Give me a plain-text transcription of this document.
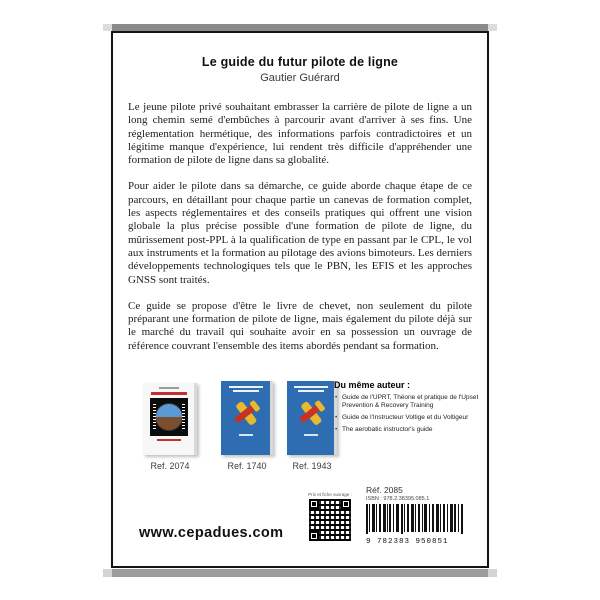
Le guide du futur pilote de ligne
Gautier Guérard

Le jeune pilote privé souhaitant embrasser la carrière de pilote de ligne a un long chemin semé d'embûches à parcourir avant d'arriver à ses fins. Une réglementation hermétique, des informations parfois contradictoires et un légitime manque d'expérience, lui rendent très difficile d'appréhender une formation de pilote de ligne dans sa globalité.

Pour aider le pilote dans sa démarche, ce guide aborde chaque étape de ce parcours, en détaillant pour chaque partie un canevas de formation complet, les aspects réglementaires et des conseils pratiques qui offrent une vision globale la plus précise possible d'une formation de pilote de ligne, du mûrissement post-PPL à la qualification de type en passant par le CPL, le vol aux instruments et la formation au pilotage des avions bimoteurs. Les derniers développements technologiques tels que le PBN, les EFIS et les approches GNSS sont traités.

Ce guide se propose d'être le livre de chevet, non seulement du pilote préparant une formation de pilote de ligne, mais également du pilote déjà sur le marché du travail qui souhaite avoir en sa possession un ouvrage de référence couvrant l'ensemble des items abordés pendant sa formation.

Ref. 2074	Ref. 1740	Ref. 1943
Du même auteur :
• Guide de l'UPRT, Théorie et pratique de l'Upset Prevention & Recovery Training
• Guide de l'Instructeur Voltige et du Voltigeur
• The aerobatic instructor's guide
www.cepadues.com
Prix et fiche ouvrage : Réf. 2085
ISBN : 978.2.38395.085.1
9 782383 950851
